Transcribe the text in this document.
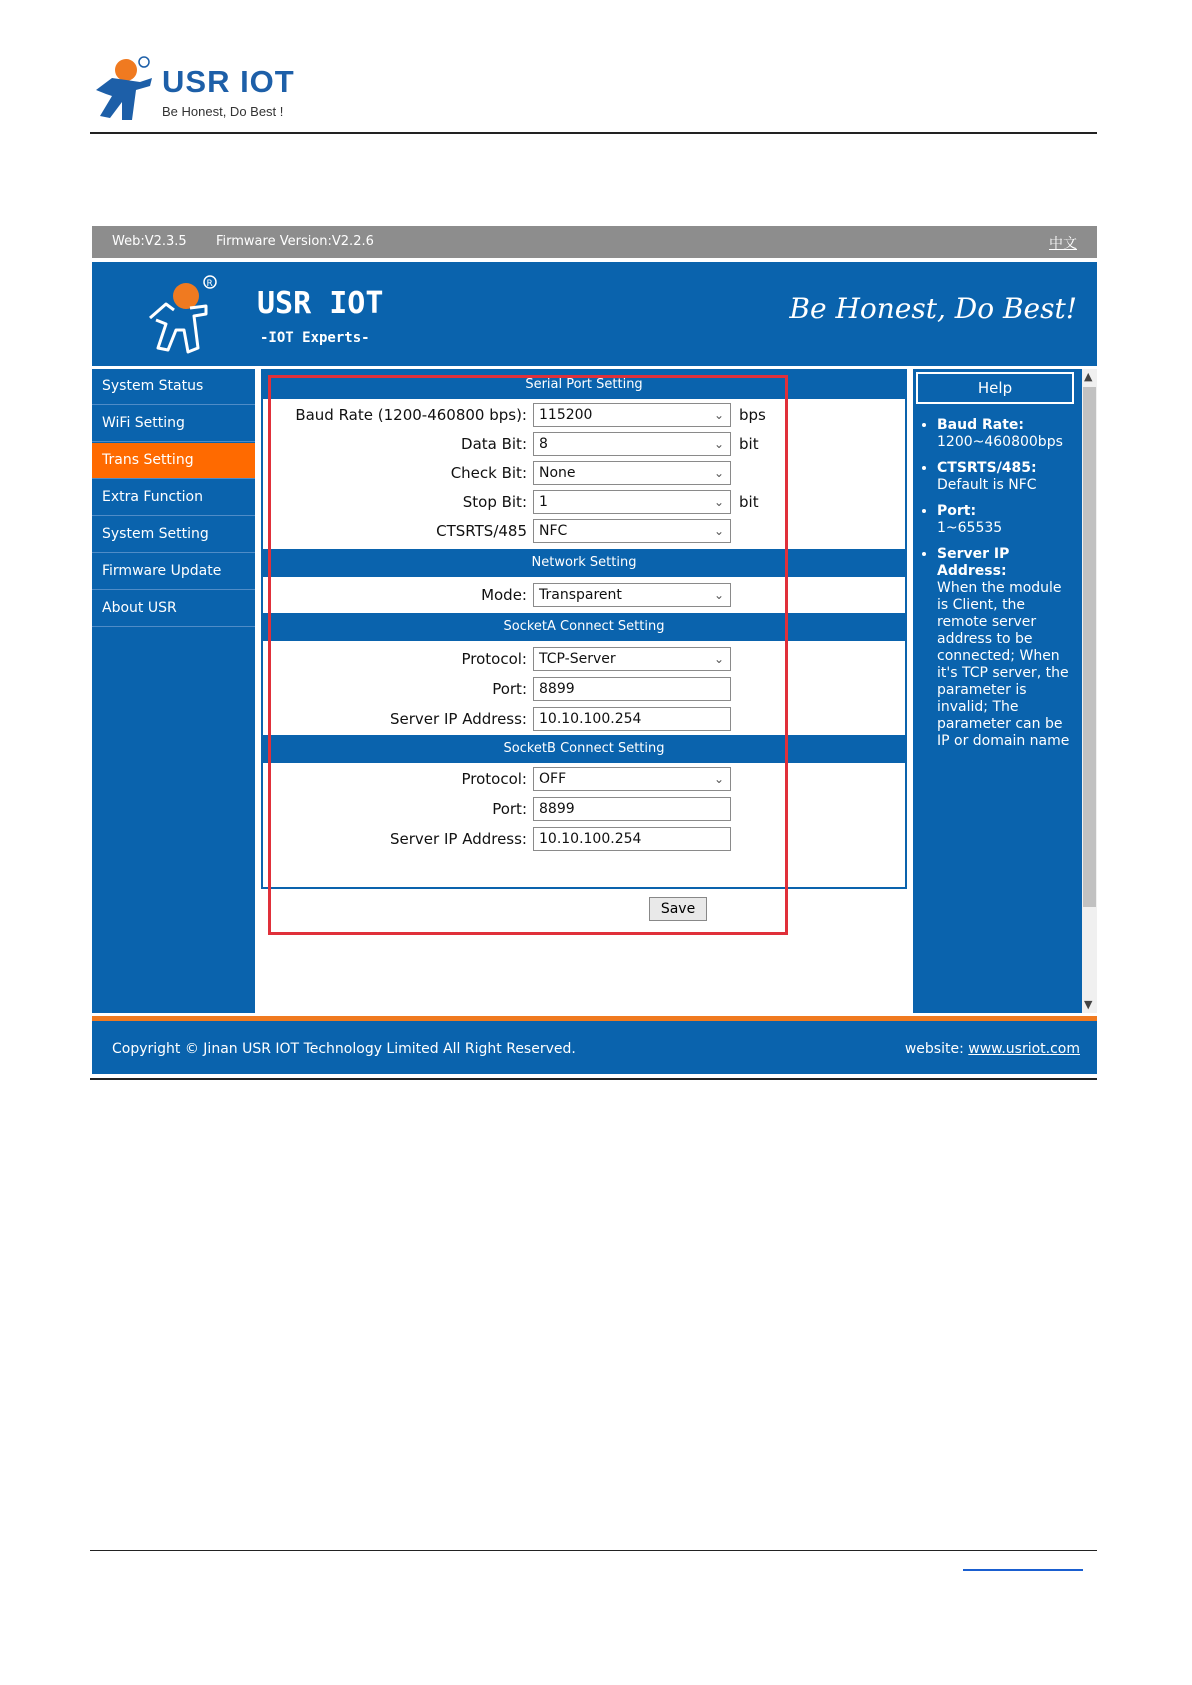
USR IOT
Be Honest, Do Best !
Web:V2.3.5 Firmware Version:V2.2.6	中文
R
USR IOT
-IOT Experts-
Be Honest, Do Best!
System Status
WiFi Setting
Trans Setting
Extra Function
System Setting
Firmware Update
About USR
Serial Port Setting
Baud Rate (1200-460800 bps): 115200	⌄ bps
Data Bit: 8	⌄ bit
Check Bit: None	⌄
Stop Bit: 1	⌄ bit
CTSRTS/485 NFC	⌄
Network Setting
Mode: Transparent	⌄
SocketA Connect Setting
Protocol: TCP-Server	⌄
Port: 8899
Server IP Address: 10.10.100.254
SocketB Connect Setting
Protocol: OFF	⌄
Port: 8899
Server IP Address: 10.10.100.254
Save
Help
• Baud Rate:
1200~460800bps
• CTSRTS/485:
Default is NFC
• Port:
1~65535
• Server IP Address:
When the module is Client, the remote server address to be connected; When it's TCP server, the parameter is invalid; The parameter can be IP or domain name
▲
▼
Copyright © Jinan USR IOT Technology Limited All Right Reserved.	website: www.usriot.com
